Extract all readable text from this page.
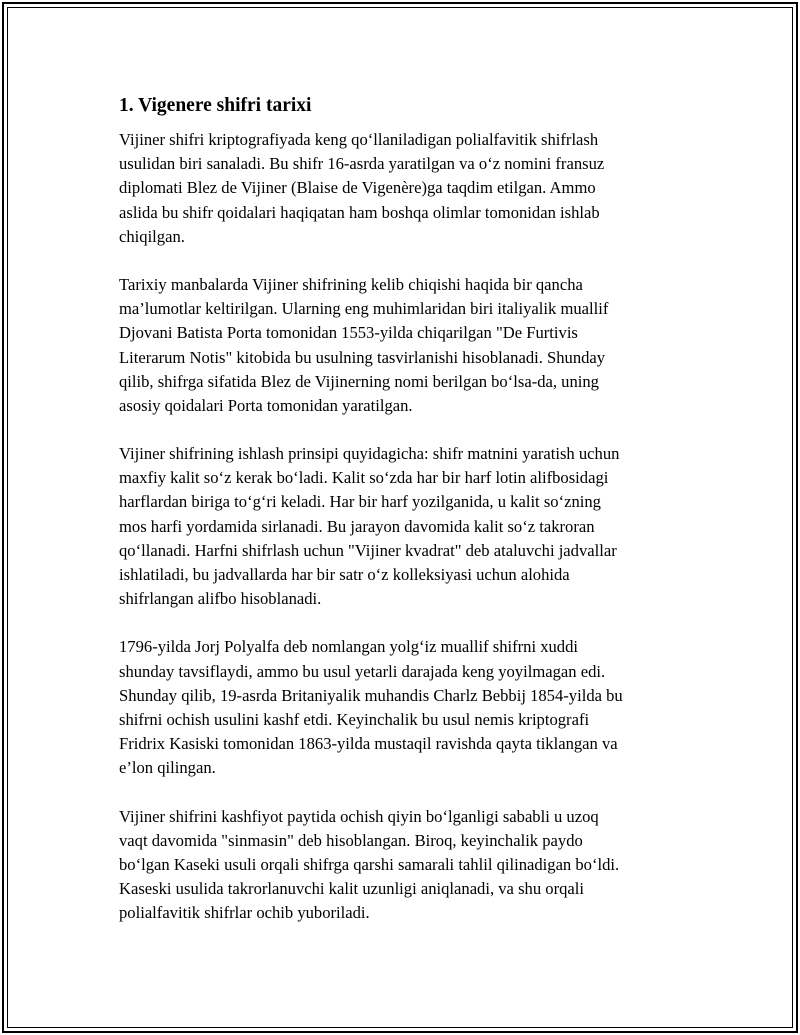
1. Vigenere shifri tarixi
Vijiner shifri kriptografiyada keng qo‘llaniladigan polialfavitik shifrlash
usulidan biri sanaladi. Bu shifr 16-asrda yaratilgan va o‘z nomini fransuz
diplomati Blez de Vijiner (Blaise de Vigenère)ga taqdim etilgan. Ammo
aslida bu shifr qoidalari haqiqatan ham boshqa olimlar tomonidan ishlab
chiqilgan.
Tarixiy manbalarda Vijiner shifrining kelib chiqishi haqida bir qancha
ma’lumotlar keltirilgan. Ularning eng muhimlaridan biri italiyalik muallif
Djovani Batista Porta tomonidan 1553-yilda chiqarilgan "De Furtivis
Literarum Notis" kitobida bu usulning tasvirlanishi hisoblanadi. Shunday
qilib, shifrga sifatida Blez de Vijinerning nomi berilgan bo‘lsa-da, uning
asosiy qoidalari Porta tomonidan yaratilgan.
Vijiner shifrining ishlash prinsipi quyidagicha: shifr matnini yaratish uchun
maxfiy kalit so‘z kerak bo‘ladi. Kalit so‘zda har bir harf lotin alifbosidagi
harflardan biriga to‘g‘ri keladi. Har bir harf yozilganida, u kalit so‘zning
mos harfi yordamida sirlanadi. Bu jarayon davomida kalit so‘z takroran
qo‘llanadi. Harfni shifrlash uchun "Vijiner kvadrat" deb ataluvchi jadvallar
ishlatiladi, bu jadvallarda har bir satr o‘z kolleksiyasi uchun alohida
shifrlangan alifbo hisoblanadi.
1796-yilda Jorj Polyalfa deb nomlangan yolg‘iz muallif shifrni xuddi
shunday tavsiflaydi, ammo bu usul yetarli darajada keng yoyilmagan edi.
Shunday qilib, 19-asrda Britaniyalik muhandis Charlz Bebbij 1854-yilda bu
shifrni ochish usulini kashf etdi. Keyinchalik bu usul nemis kriptografi
Fridrix Kasiski tomonidan 1863-yilda mustaqil ravishda qayta tiklangan va
e’lon qilingan.
Vijiner shifrini kashfiyot paytida ochish qiyin bo‘lganligi sababli u uzoq
vaqt davomida "sinmasin" deb hisoblangan. Biroq, keyinchalik paydo
bo‘lgan Kaseki usuli orqali shifrga qarshi samarali tahlil qilinadigan bo‘ldi.
Kaseski usulida takrorlanuvchi kalit uzunligi aniqlanadi, va shu orqali
polialfavitik shifrlar ochib yuboriladi.
